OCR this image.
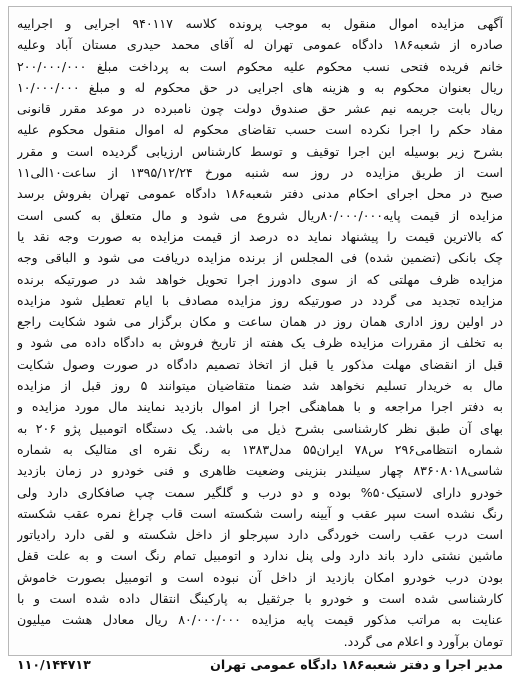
آگهی مزایده اموال منقول به موجب پرونده کلاسه ۹۴۰۱۱۷ اجرایی و اجراییه
صادره از شعبه۱۸۶ دادگاه عمومی تهران له آقای محمد حیدری مستان آباد وعلیه
خانم فریده فتحی نسب محکوم علیه محکوم است به پرداخت مبلغ ۲۰۰/۰۰۰/۰۰۰
ریال بعنوان محکوم به و هزینه های اجرایی در حق محکوم له و مبلغ ۱۰/۰۰۰/۰۰۰
ریال بابت جریمه نیم عشر حق صندوق دولت چون نامبرده در موعد مقرر قانونی
مفاد حکم را اجرا نکرده است حسب تقاضای محکوم له اموال منقول محکوم علیه
بشرح زیر بوسیله این اجرا توقیف و توسط کارشناس ارزیابی گردیده است و مقرر
است از طریق مزایده در روز سه شنبه مورخ ۱۳۹۵/۱۲/۲۴ از ساعت۱۰الی۱۱
صبح در محل اجرای احکام مدنی دفتر شعبه۱۸۶ دادگاه عمومی تهران بفروش برسد
مزایده از قیمت پایه۸۰/۰۰۰/۰۰۰ریال شروع می شود و مال متعلق به کسی است
که بالاترین قیمت را پیشنهاد نماید ده درصد از قیمت مزایده به صورت وجه نقد یا
چک بانکی (تضمین شده) فی المجلس از برنده مزایده دریافت می شود و الباقی وجه
مزایده ظرف مهلتی که از سوی دادورز اجرا تحویل خواهد شد در صورتیکه برنده
مزایده تجدید می گردد در صورتیکه روز مزایده مصادف با ایام تعطیل شود مزایده
در اولین روز اداری همان روز در همان ساعت و مکان برگزار می شود شکایت راجع
به تخلف از مقررات مزایده ظرف یک هفته از تاریخ فروش به دادگاه داده می شود و
قبل از انقضای مهلت مذکور یا قبل از اتخاذ تصمیم دادگاه در صورت وصول شکایت
مال به خریدار تسلیم نخواهد شد ضمنا متقاضیان میتوانند ۵ روز قبل از مزایده
به دفتر اجرا مراجعه و با هماهنگی اجرا از اموال بازدید نمایند مال مورد مزایده و
بهای آن طبق نظر کارشناسی بشرح ذیل می باشد. یک دستگاه اتومبیل پژو ۲۰۶ به
شماره انتظامی۲۹۶ س۷۸ ایران۵۵ مدل۱۳۸۳ به رنگ نقره ای متالیک به شماره
شاسی۸۳۶۰۸۰۱۸ چهار سیلندر بنزینی وضعیت ظاهری و فنی خودرو در زمان بازدید
خودرو دارای لاستیک۵۰% بوده و دو درب و گلگیر سمت چپ صافکاری دارد ولی
رنگ نشده است سپر عقب و آیینه راست شکسته است قاب چراغ نمره عقب شکسته
است درب عقب راست خوردگی دارد سپرجلو از داخل شکسته و لقی دارد رادیاتور
ماشین نشتی دارد باند دارد ولی پنل ندارد و اتومبیل تمام رنگ است و به علت قفل
بودن درب خودرو امکان بازدید از داخل آن نبوده است و اتومبیل بصورت خاموش
کارشناسی شده است و خودرو با جرثقیل به پارکینگ انتقال داده شده است و با
عنایت به مراتب مذکور قیمت پایه مزایده ۸۰/۰۰۰/۰۰۰ ریال معادل هشت میلیون
تومان برآورد و اعلام می گردد.
مدیر اجرا و دفتر شعبه۱۸۶ دادگاه عمومی تهران
۱۱۰/۱۴۴۷۱۳
